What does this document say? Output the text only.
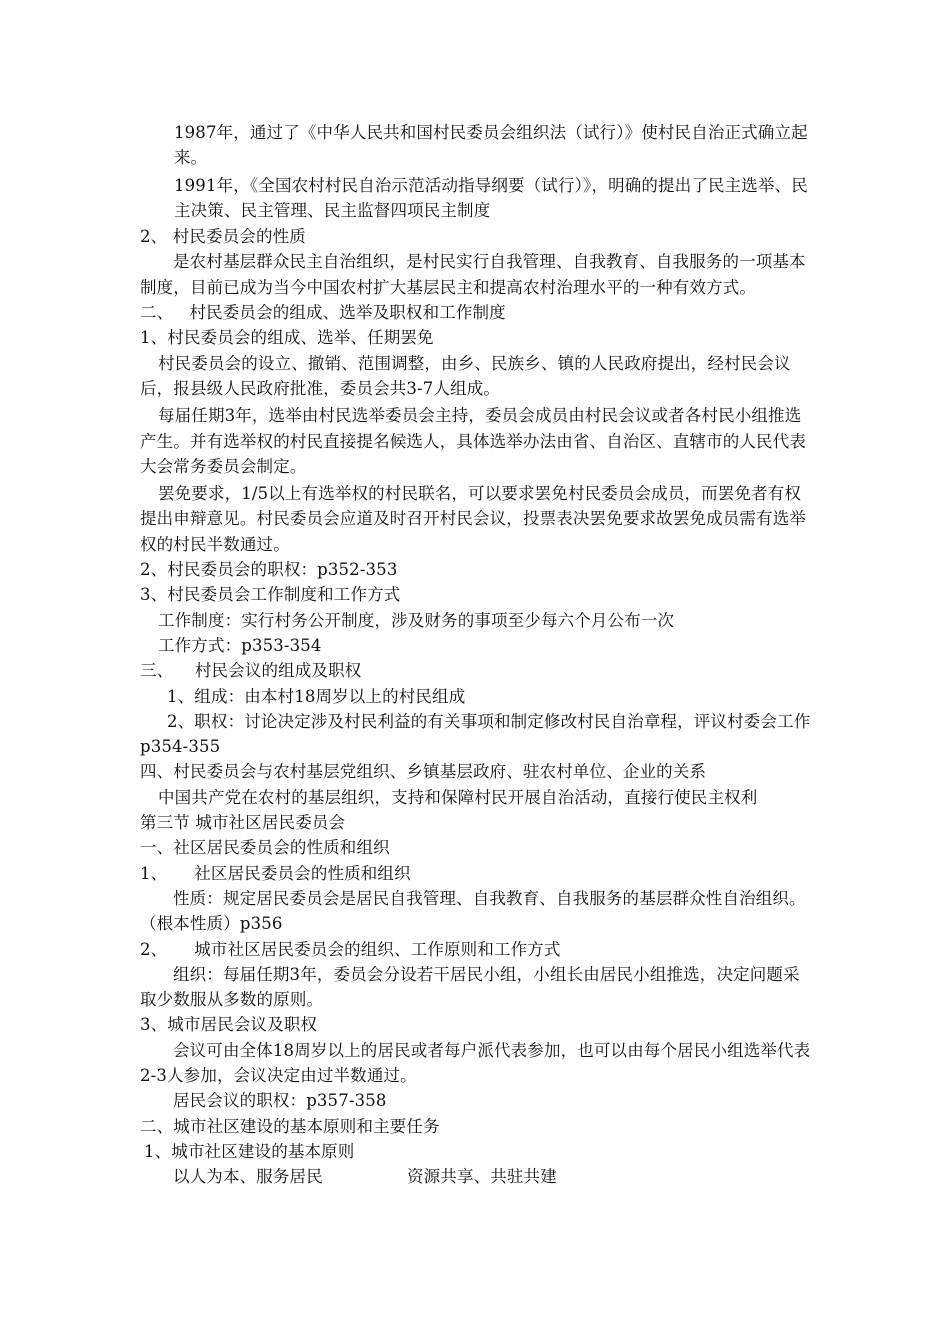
1987年，通过了《中华人民共和国村民委员会组织法（试行）》使村民自治正式确立起来。

1991年，《全国农村村民自治示范活动指导纲要（试行）》，明确的提出了民主选举、民主决策、民主管理、民主监督四项民主制度

2、 村民委员会的性质

是农村基层群众民主自治组织，是村民实行自我管理、自我教育、自我服务的一项基本制度，目前已成为当今中国农村扩大基层民主和提高农村治理水平的一种有效方式。

二、   村民委员会的组成、选举及职权和工作制度

1、村民委员会的组成、选举、任期罢免

村民委员会的设立、撤销、范围调整，由乡、民族乡、镇的人民政府提出，经村民会议后，报县级人民政府批准，委员会共3-7人组成。

每届任期3年，选举由村民选举委员会主持，委员会成员由村民会议或者各村民小组推选产生。并有选举权的村民直接提名候选人，具体选举办法由省、自治区、直辖市的人民代表大会常务委员会制定。

罢免要求，1/5以上有选举权的村民联名，可以要求罢免村民委员会成员，而罢免者有权提出申辩意见。村民委员会应道及时召开村民会议，投票表决罢免要求故罢免成员需有选举权的村民半数通过。

2、村民委员会的职权：p352-353

3、村民委员会工作制度和工作方式

工作制度：实行村务公开制度，涉及财务的事项至少每六个月公布一次

工作方式：p353-354

三、    村民会议的组成及职权

1、组成：由本村18周岁以上的村民组成

2、职权：讨论决定涉及村民利益的有关事项和制定修改村民自治章程，评议村委会工作p354-355

四、村民委员会与农村基层党组织、乡镇基层政府、驻农村单位、企业的关系

中国共产党在农村的基层组织，支持和保障村民开展自治活动，直接行使民主权利

第三节 城市社区居民委员会

一、社区居民委员会的性质和组织

1、     社区居民委员会的性质和组织

性质：规定居民委员会是居民自我管理、自我教育、自我服务的基层群众性自治组织。（根本性质）p356

2、     城市社区居民委员会的组织、工作原则和工作方式

组织：每届任期3年，委员会分设若干居民小组，小组长由居民小组推选，决定问题采取少数服从多数的原则。

3、城市居民会议及职权

会议可由全体18周岁以上的居民或者每户派代表参加，也可以由每个居民小组选举代表2-3人参加，会议决定由过半数通过。

居民会议的职权：p357-358

二、城市社区建设的基本原则和主要任务

1、城市社区建设的基本原则

以人为本、服务居民	资源共享、共驻共建
